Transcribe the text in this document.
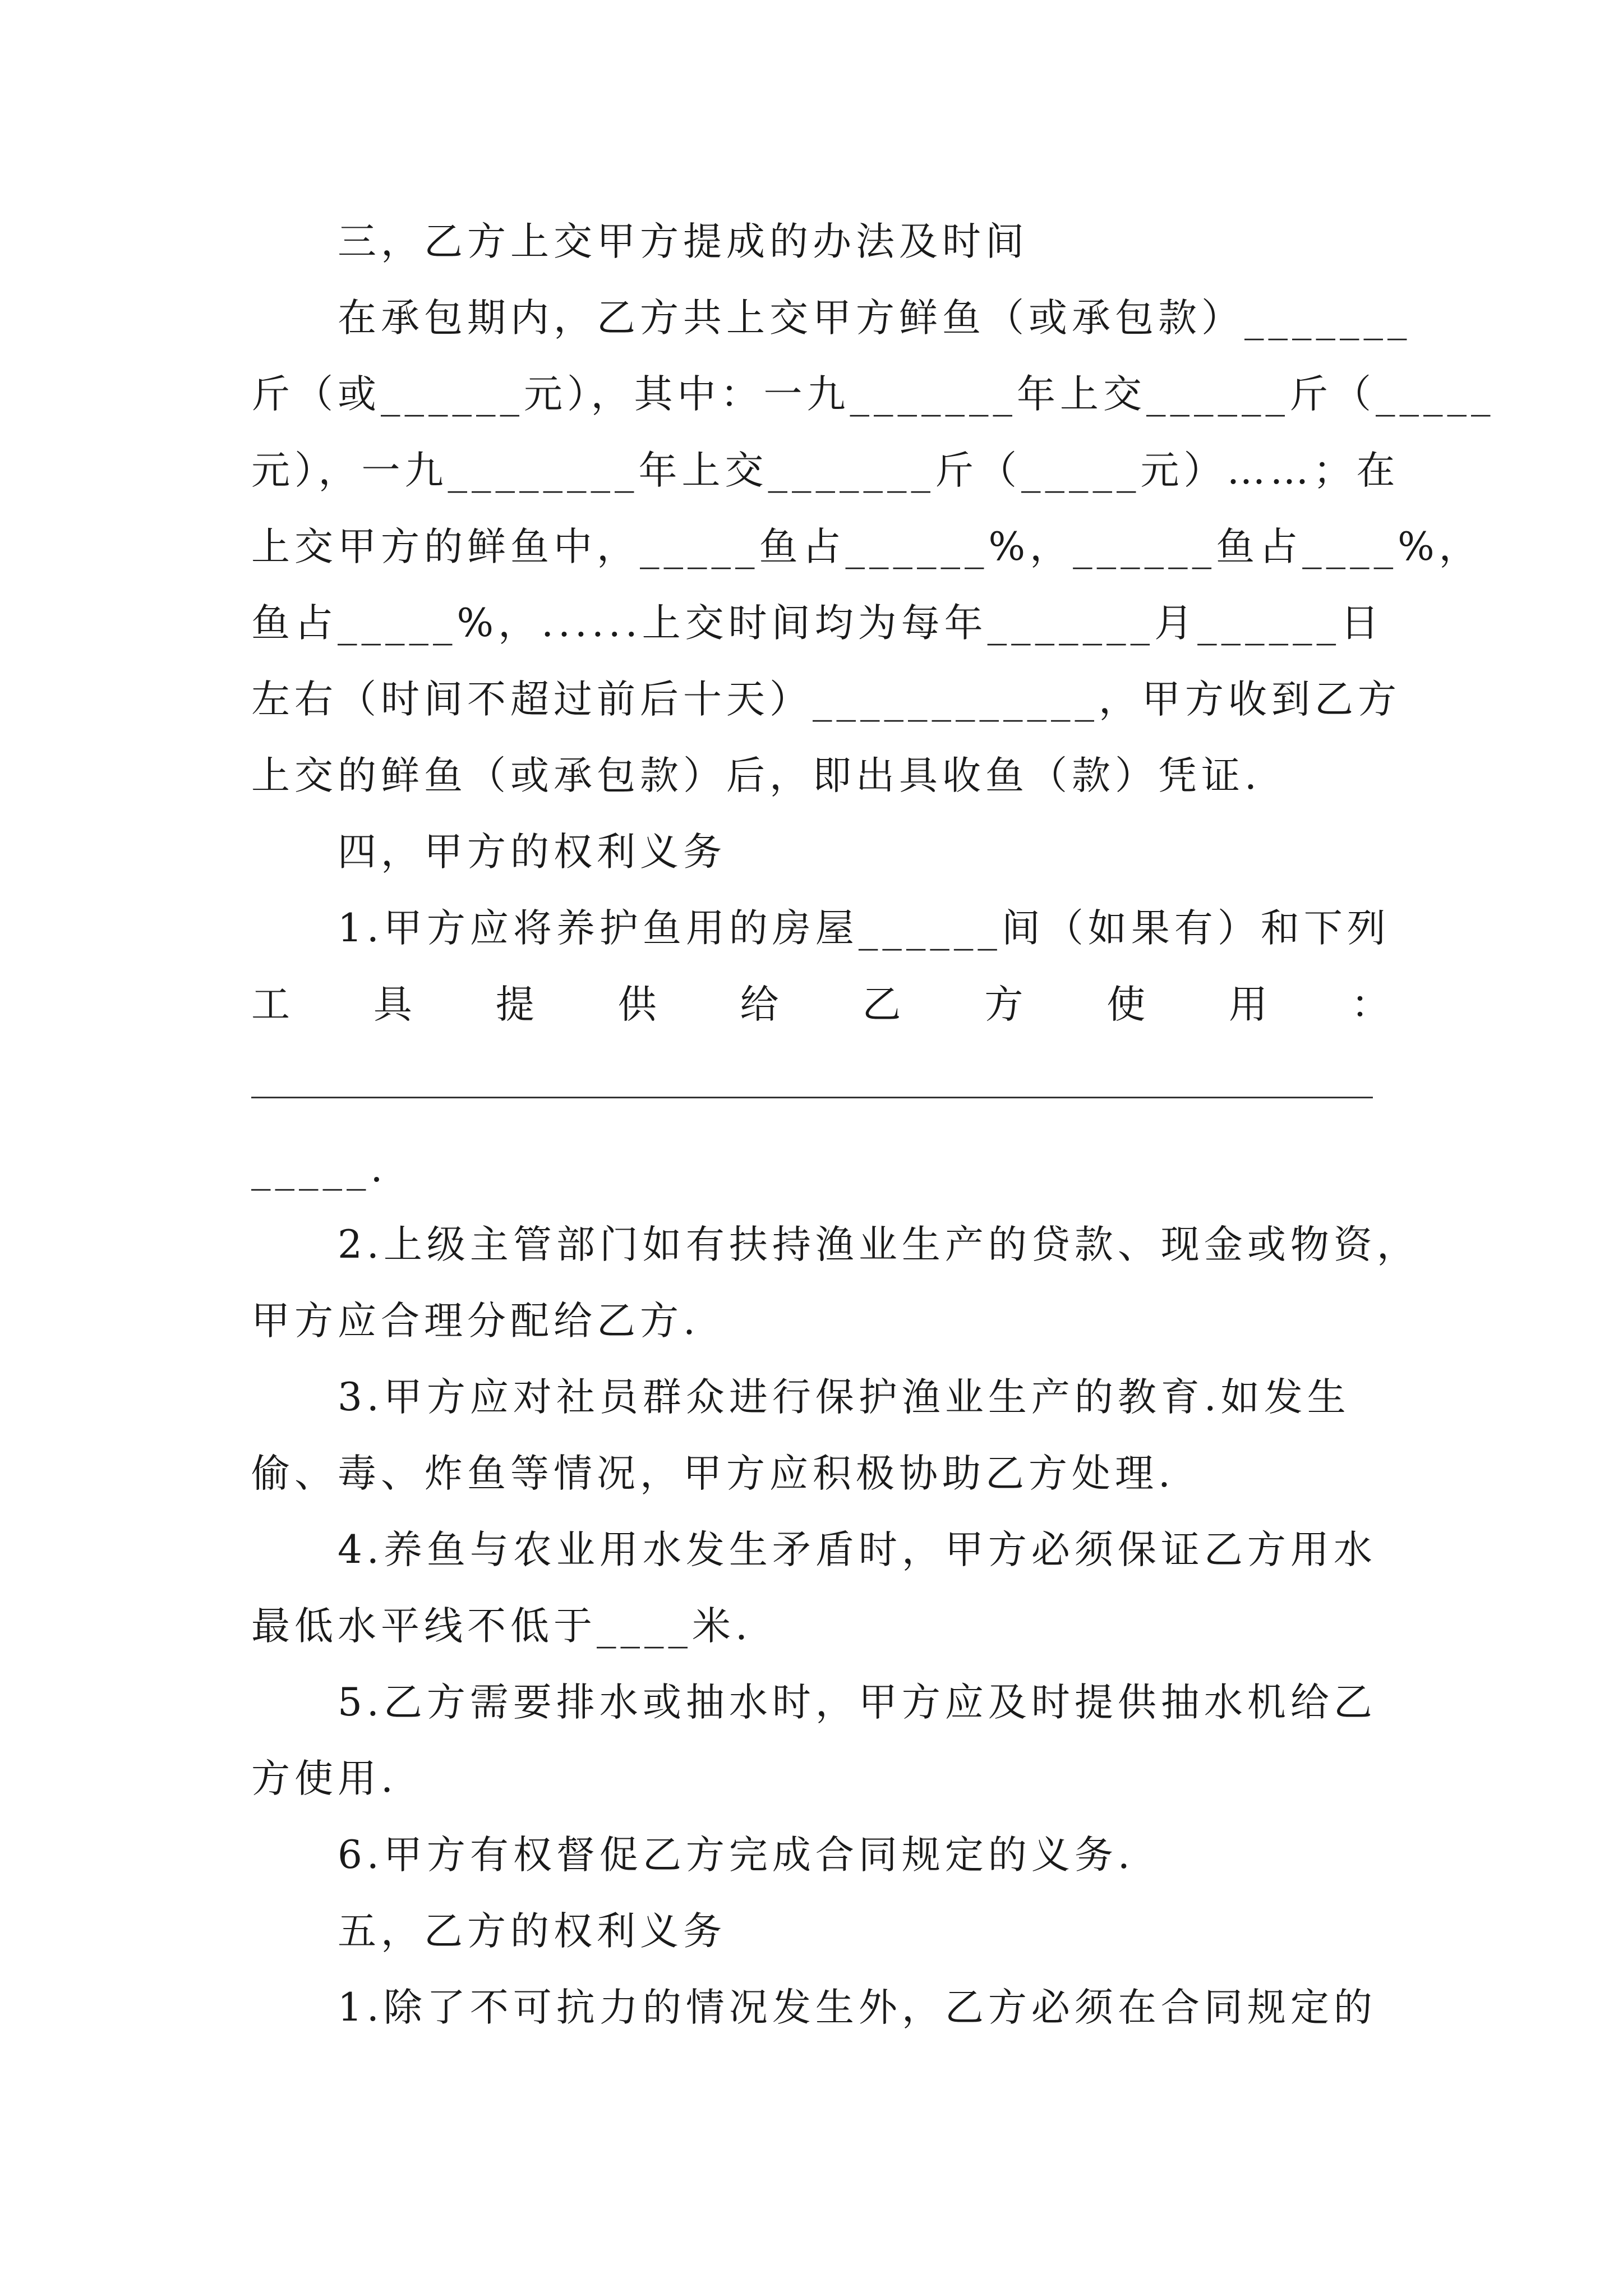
三，乙方上交甲方提成的办法及时间
在承包期内，乙方共上交甲方鲜鱼（或承包款）_______
斤（或______元），其中：一九_______年上交______斤（_____
元），一九________年上交_______斤（_____元）……；在
上交甲方的鲜鱼中，_____鱼占______%，______鱼占____%，
鱼占_____%，......上交时间均为每年_______月______日
左右（时间不超过前后十天）____________，甲方收到乙方
上交的鲜鱼（或承包款）后，即出具收鱼（款）凭证.
四，甲方的权利义务
1.甲方应将养护鱼用的房屋______间（如果有）和下列
工 具 提 供 给 乙 方 使 用 ：
_____.
2.上级主管部门如有扶持渔业生产的贷款、现金或物资，
甲方应合理分配给乙方.
3.甲方应对社员群众进行保护渔业生产的教育.如发生
偷、毒、炸鱼等情况，甲方应积极协助乙方处理.
4.养鱼与农业用水发生矛盾时，甲方必须保证乙方用水
最低水平线不低于____米.
5.乙方需要排水或抽水时，甲方应及时提供抽水机给乙
方使用.
6.甲方有权督促乙方完成合同规定的义务.
五，乙方的权利义务
1.除了不可抗力的情况发生外，乙方必须在合同规定的
